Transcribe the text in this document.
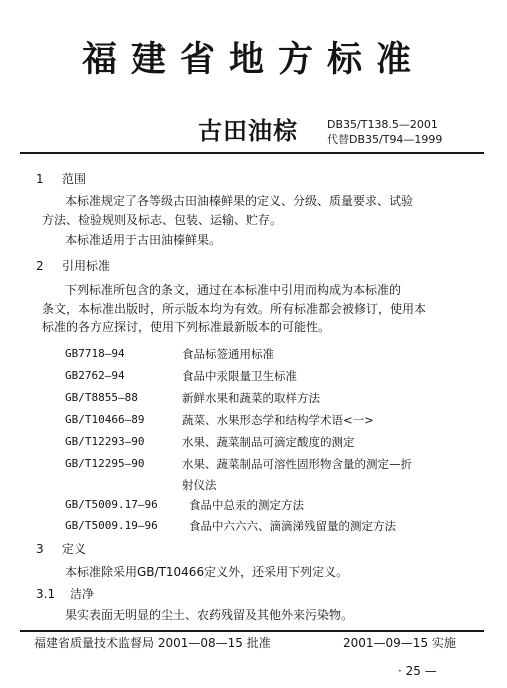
福建省地方标准
古田油棕	DB35/T138.5—2001
代替DB35/T94—1999
1 范围
本标准规定了各等级古田油榛鲜果的定义、分级、质量要求、试验
方法、检验规则及标志、包装、运输、贮存。
本标准适用于古田油榛鲜果。
2 引用标准
下列标准所包含的条文，通过在本标准中引用而构成为本标准的
条文，本标准出版时，所示版本均为有效。所有标准都会被修订，使用本
标准的各方应探讨，使用下列标准最新版本的可能性。
GB7718—94	食品标签通用标准
GB2762—94	食品中汞限量卫生标准
GB/T8855—88	新鲜水果和蔬菜的取样方法
GB/T10466—89	蔬菜、水果形态学和结构学术语<一>
GB/T12293—90	水果、蔬菜制品可滴定酸度的测定
GB/T12295—90	水果、蔬菜制品可溶性固形物含量的测定—折
射仪法
GB/T5009.17—96	食品中总汞的测定方法
GB/T5009.19—96	食品中六六六、滴滴涕残留量的测定方法
3 定义
本标准除采用GB/T10466定义外，还采用下列定义。
3.1 洁净
果实表面无明显的尘土、农药残留及其他外来污染物。
福建省质量技术监督局 2001—08—15 批准	2001—09—15 实施
· 25 —
